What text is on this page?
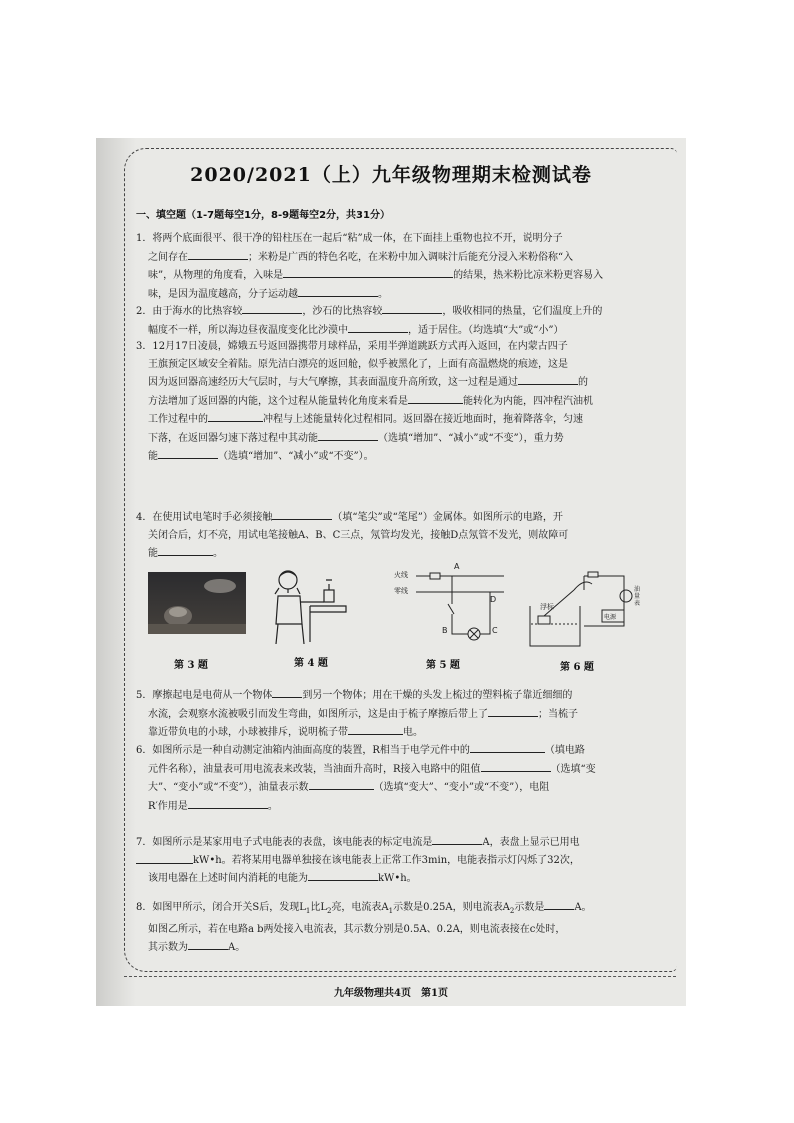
2020/2021（上）九年级物理期末检测试卷
一、填空题（1-7题每空1分，8-9题每空2分，共31分）

1．将两个底面很平、很干净的铅柱压在一起后“粘”成一体，在下面挂上重物也拉不开，说明分子

之间存在	；米粉是广西的特色名吃，在米粉中加入调味汁后能充分浸入米粉俗称“入

味”，从物理的角度看，入味是	的结果，热米粉比凉米粉更容易入

味，是因为温度越高，分子运动越	。

2．由于海水的比热容较	，沙石的比热容较	，吸收相同的热量，它们温度上升的

幅度不一样，所以海边昼夜温度变化比沙漠中	，适于居住。（均选填“大”或“小”）

3．12月17日凌晨，嫦娥五号返回器携带月球样品，采用半弹道跳跃方式再入返回，在内蒙古四子

王旗预定区域安全着陆。原先洁白漂亮的返回舱，似乎被黑化了，上面有高温燃烧的痕迹，这是

因为返回器高速经历大气层时，与大气摩擦，其表面温度升高所致，这一过程是通过	的

方法增加了返回器的内能，这个过程从能量转化角度来看是	能转化为内能，四冲程汽油机

工作过程中的	冲程与上述能量转化过程相同。返回器在接近地面时，拖着降落伞，匀速

下落，在返回器匀速下落过程中其动能	（选填“增加”、“减小”或“不变”），重力势

能	（选填“增加”、“减小”或“不变”）。

4．在使用试电笔时手必须接触	（填“笔尖”或“笔尾”）金属体。如图所示的电路，开

关闭合后，灯不亮，用试电笔接触A、B、C三点，氖管均发光，接触D点氖管不发光，则故障可

能	。

第 3 题	第 4 题
火线
零线
A
D
B	C
第 5 题
浮标
油量表
电源
第 6 题

5．摩擦起电是电荷从一个物体	到另一个物体；用在干燥的头发上梳过的塑料梳子靠近细细的

水流，会观察水流被吸引而发生弯曲，如图所示，这是由于梳子摩擦后带上了	；当梳子

靠近带负电的小球，小球被排斥，说明梳子带	电。

6．如图所示是一种自动测定油箱内油面高度的装置，R相当于电学元件中的	（填电路

元件名称），油量表可用电流表来改装，当油面升高时，R接入电路中的阻值	（选填“变

大”、“变小”或“不变”），油量表示数	（选填“变大”、“变小”或“不变”），电阻

R′作用是	。

7．如图所示是某家用电子式电能表的表盘，该电能表的标定电流是	A，表盘上显示已用电

kW•h。若将某用电器单独接在该电能表上正常工作3min，电能表指示灯闪烁了32次，

该用电器在上述时间内消耗的电能为	kW•h。

8．如图甲所示，闭合开关S后，发现$L_1$比$L_2$亮，电流表$A_1$示数是0.25A，则电流表$A_2$示数是	A。

如图乙所示，若在电路a b两处接入电流表，其示数分别是0.5A、0.2A，则电流表接在c处时，

其示数为	A。

九年级物理共4页　第1页
